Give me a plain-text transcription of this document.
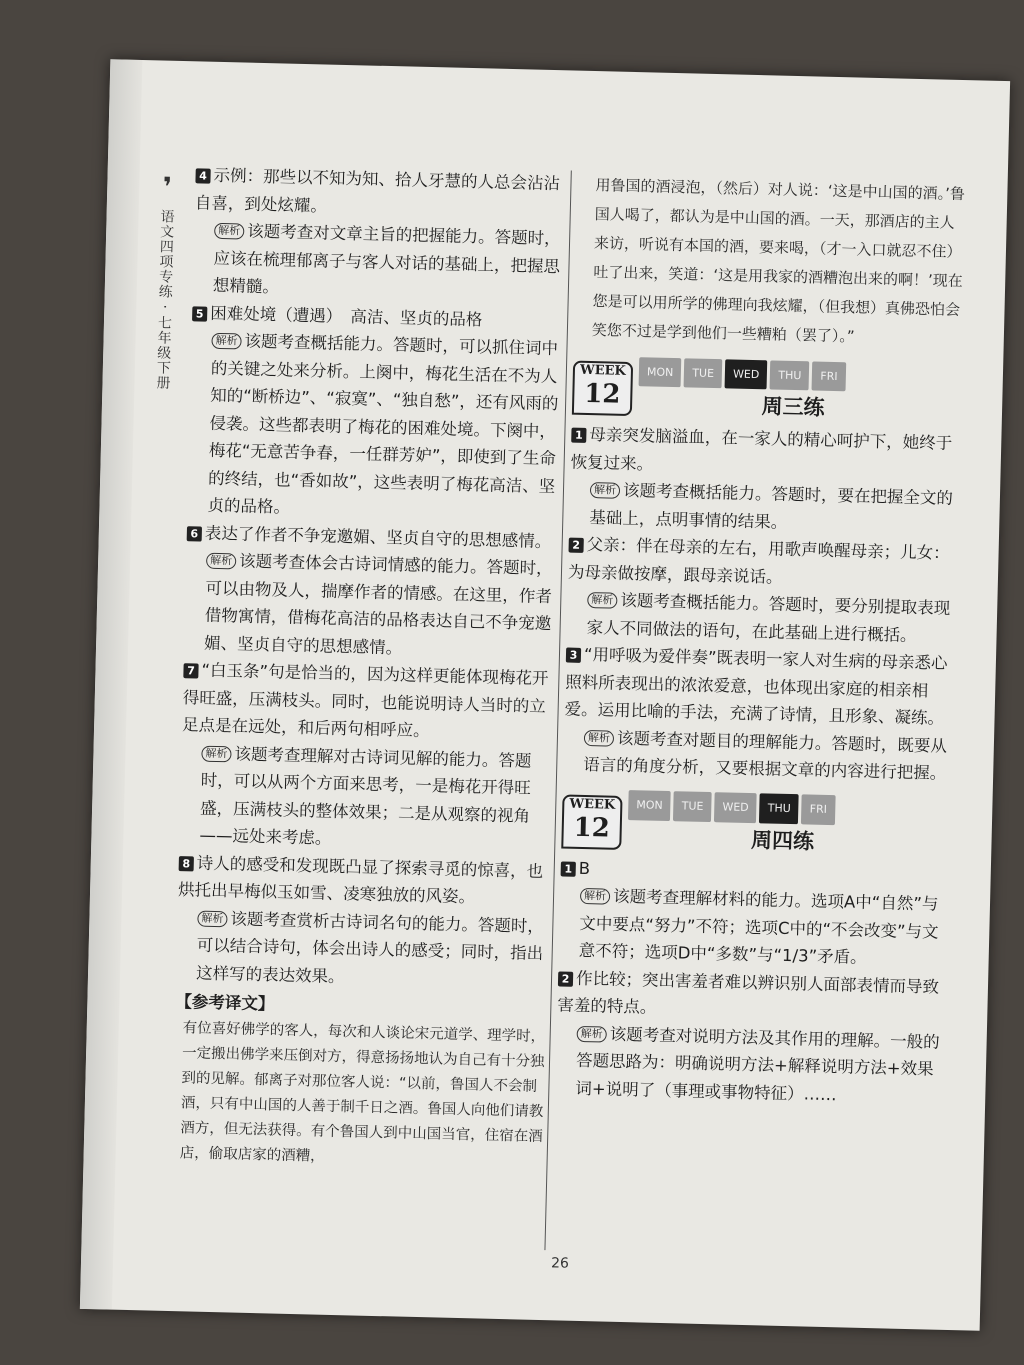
❜ 语文四项专练 · 七年级下册

4 示例：那些以不知为知、拾人牙慧的人总会沾沾自喜，到处炫耀。

解析 该题考查对文章主旨的把握能力。答题时，应该在梳理郁离子与客人对话的基础上，把握思想精髓。

5 困难处境（遭遇）　高洁、坚贞的品格

解析 该题考查概括能力。答题时，可以抓住词中的关键之处来分析。上阕中，梅花生活在不为人知的“断桥边”、“寂寞”、“独自愁”，还有风雨的侵袭。这些都表明了梅花的困难处境。下阕中，梅花“无意苦争春，一任群芳妒”，即使到了生命的终结，也“香如故”，这些表明了梅花高洁、坚贞的品格。

6 表达了作者不争宠邀媚、坚贞自守的思想感情。

解析 该题考查体会古诗词情感的能力。答题时，可以由物及人，揣摩作者的情感。在这里，作者借物寓情，借梅花高洁的品格表达自己不争宠邀媚、坚贞自守的思想感情。

7 “白玉条”句是恰当的，因为这样更能体现梅花开得旺盛，压满枝头。同时，也能说明诗人当时的立足点是在远处，和后两句相呼应。

解析 该题考查理解对古诗词见解的能力。答题时，可以从两个方面来思考，一是梅花开得旺盛，压满枝头的整体效果；二是从观察的视角——远处来考虑。

8 诗人的感受和发现既凸显了探索寻觅的惊喜，也烘托出早梅似玉如雪、凌寒独放的风姿。

解析 该题考查赏析古诗词名句的能力。答题时，可以结合诗句，体会出诗人的感受；同时，指出这样写的表达效果。

【参考译文】

有位喜好佛学的客人，每次和人谈论宋元道学、理学时，一定搬出佛学来压倒对方，得意扬扬地认为自己有十分独到的见解。郁离子对那位客人说：“以前，鲁国人不会制酒，只有中山国的人善于制千日之酒。鲁国人向他们请教酒方，但无法获得。有个鲁国人到中山国当官，住宿在酒店，偷取店家的酒糟，

用鲁国的酒浸泡，（然后）对人说：‘这是中山国的酒。’鲁国人喝了，都认为是中山国的酒。一天，那酒店的主人来访，听说有本国的酒，要来喝，（才一入口就忍不住）吐了出来，笑道：‘这是用我家的酒糟泡出来的啊！’现在您是可以用所学的佛理向我炫耀，（但我想）真佛恐怕会笑您不过是学到他们一些糟粕（罢了）。”

WEEK
12
MON	TUE	WED	THU	FRI
周三练

1 母亲突发脑溢血，在一家人的精心呵护下，她终于恢复过来。

解析 该题考查概括能力。答题时，要在把握全文的基础上，点明事情的结果。

2 父亲：伴在母亲的左右，用歌声唤醒母亲；儿女：为母亲做按摩，跟母亲说话。

解析 该题考查概括能力。答题时，要分别提取表现家人不同做法的语句，在此基础上进行概括。

3 “用呼吸为爱伴奏”既表明一家人对生病的母亲悉心照料所表现出的浓浓爱意，也体现出家庭的相亲相爱。运用比喻的手法，充满了诗情，且形象、凝练。

解析 该题考查对题目的理解能力。答题时，既要从语言的角度分析，又要根据文章的内容进行把握。

WEEK
12
MON	TUE	WED	THU	FRI
周四练

1 B

解析 该题考查理解材料的能力。选项A中“自然”与文中要点“努力”不符；选项C中的“不会改变”与文意不符；选项D中“多数”与“1/3”矛盾。

2 作比较；突出害羞者难以辨识别人面部表情而导致害羞的特点。

解析 该题考查对说明方法及其作用的理解。一般的答题思路为：明确说明方法+解释说明方法+效果词+说明了（事理或事物特征）……

26
